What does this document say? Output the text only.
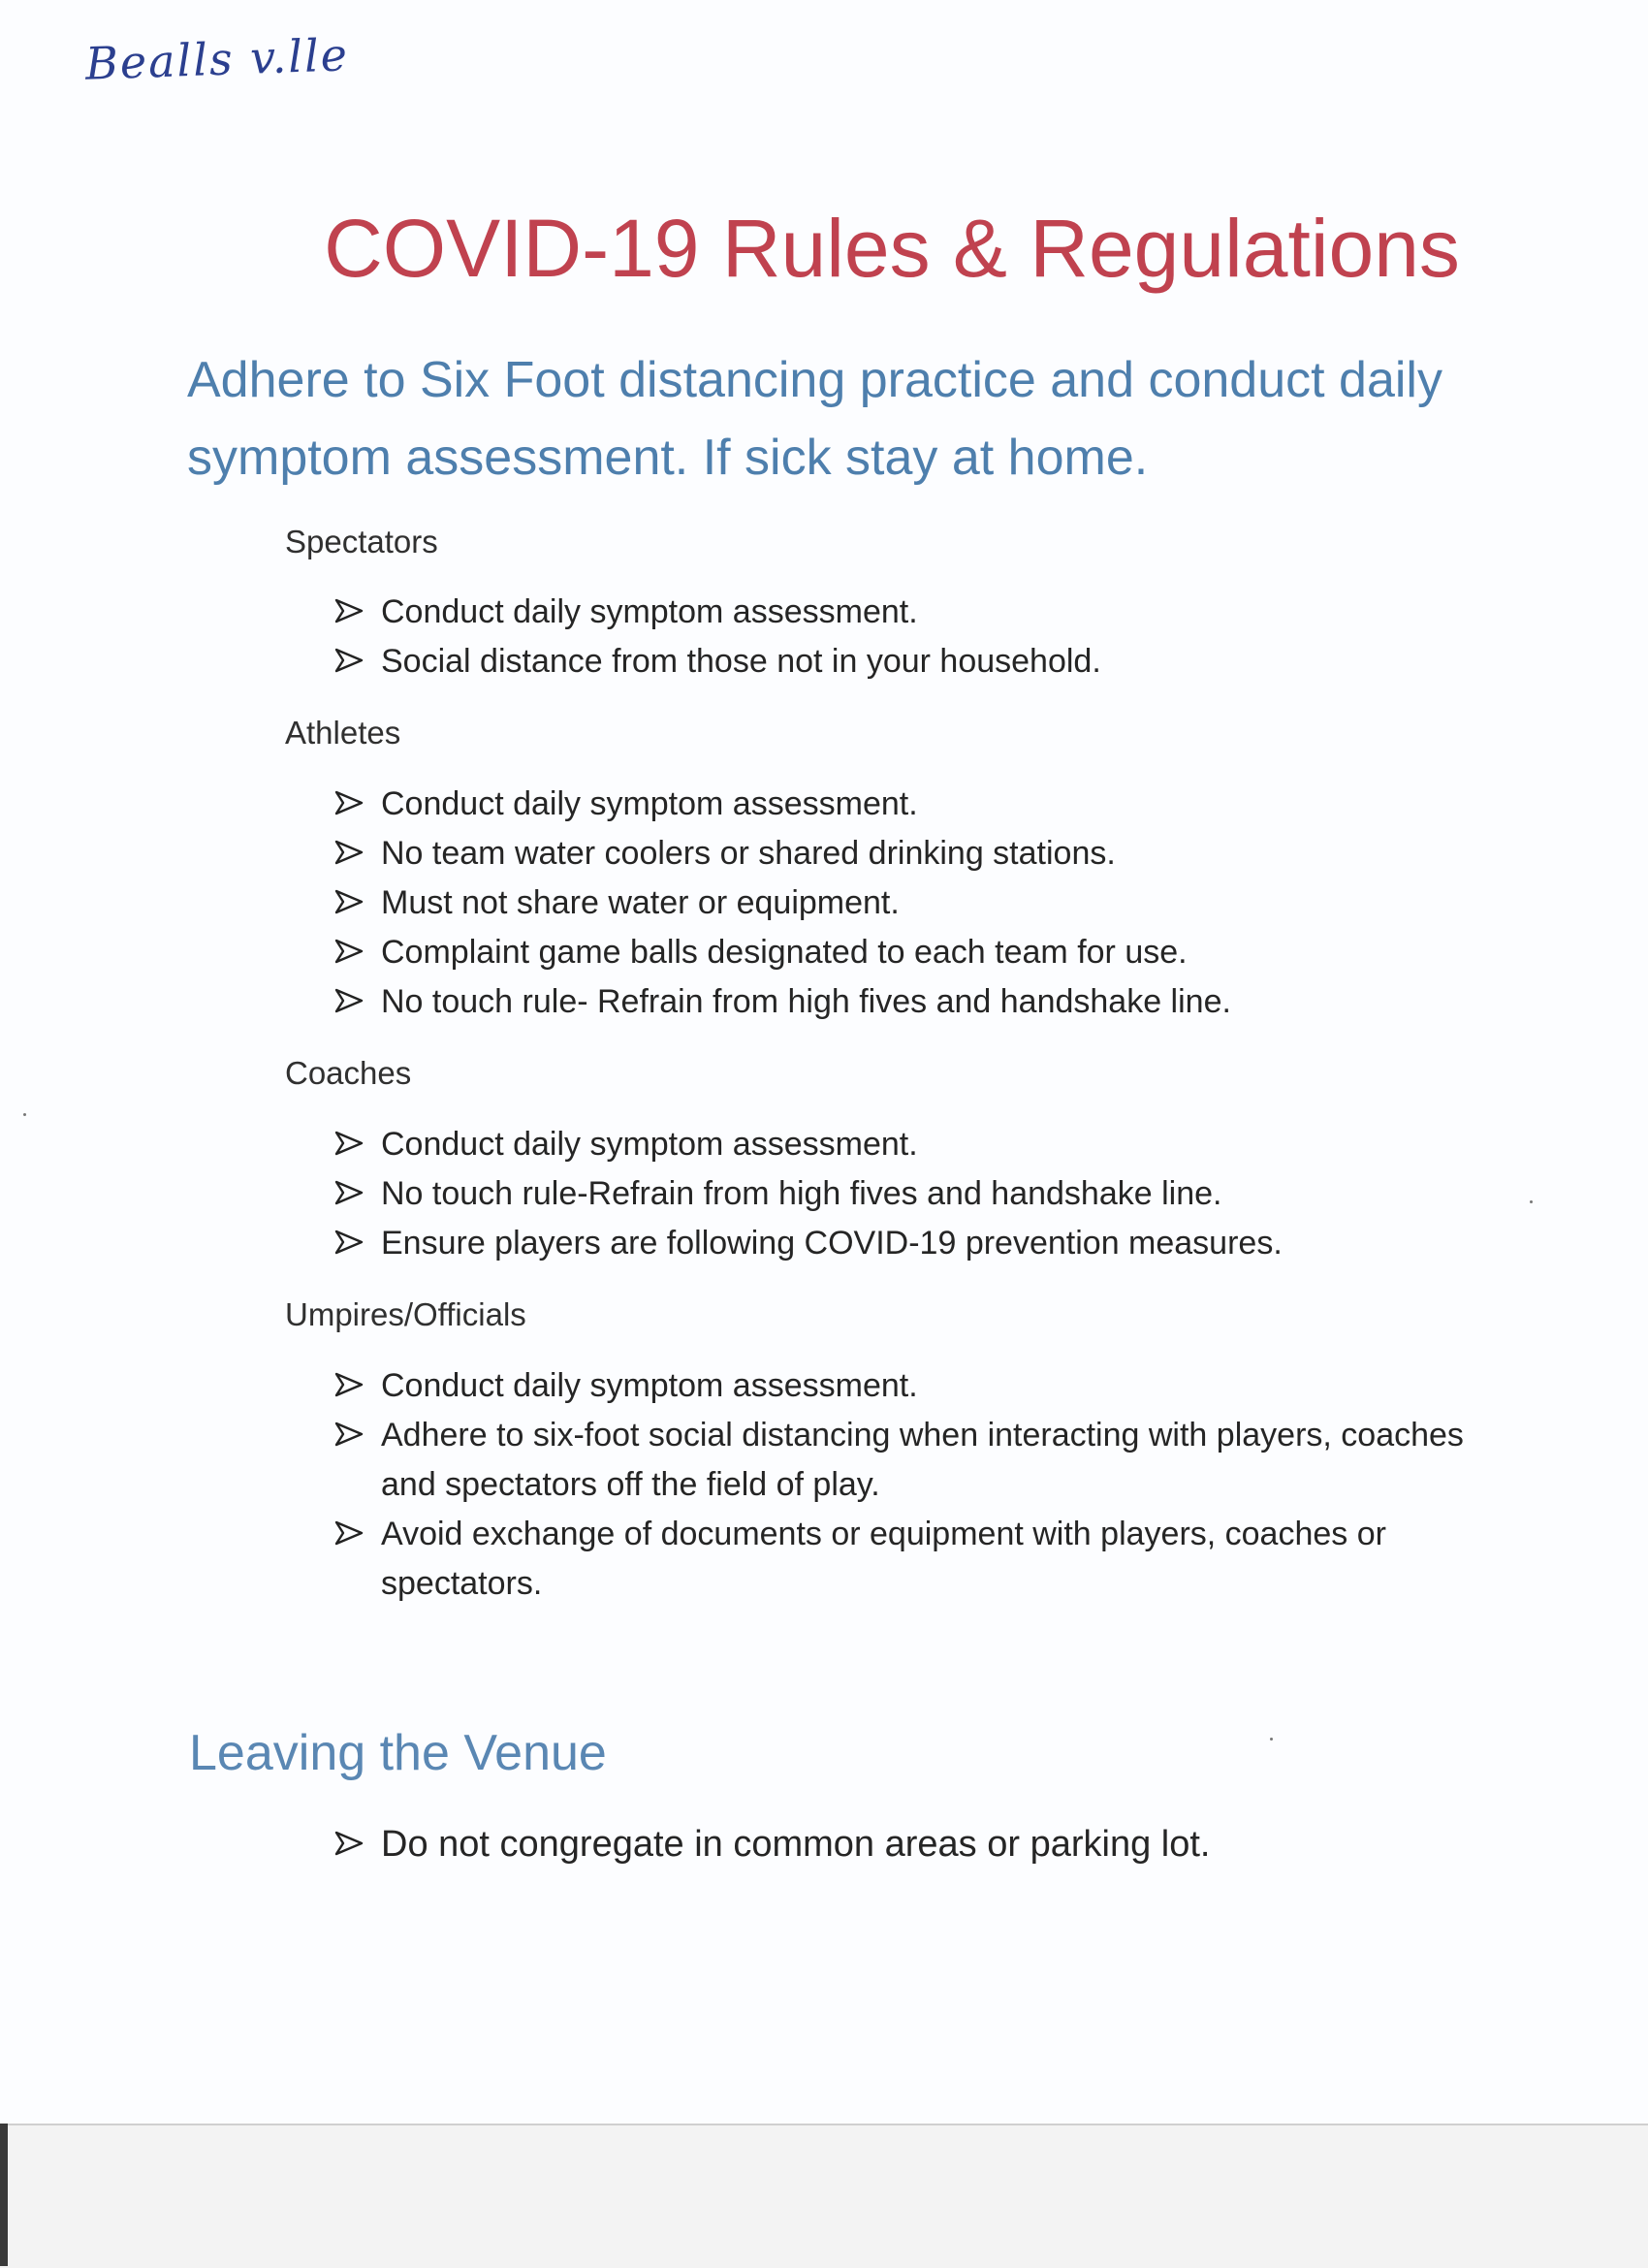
Bealls v.lle
COVID-19 Rules & Regulations
Adhere to Six Foot distancing practice and conduct daily symptom assessment. If sick stay at home.
Spectators
Conduct daily symptom assessment.
Social distance from those not in your household.
Athletes
Conduct daily symptom assessment.
No team water coolers or shared drinking stations.
Must not share water or equipment.
Complaint game balls designated to each team for use.
No touch rule- Refrain from high fives and handshake line.
Coaches
Conduct daily symptom assessment.
No touch rule-Refrain from high fives and handshake line.
Ensure players are following COVID-19 prevention measures.
Umpires/Officials
Conduct daily symptom assessment.
Adhere to six-foot social distancing when interacting with players, coaches and spectators off the field of play.
Avoid exchange of documents or equipment with players, coaches or spectators.
Leaving the Venue
Do not congregate in common areas or parking lot.
